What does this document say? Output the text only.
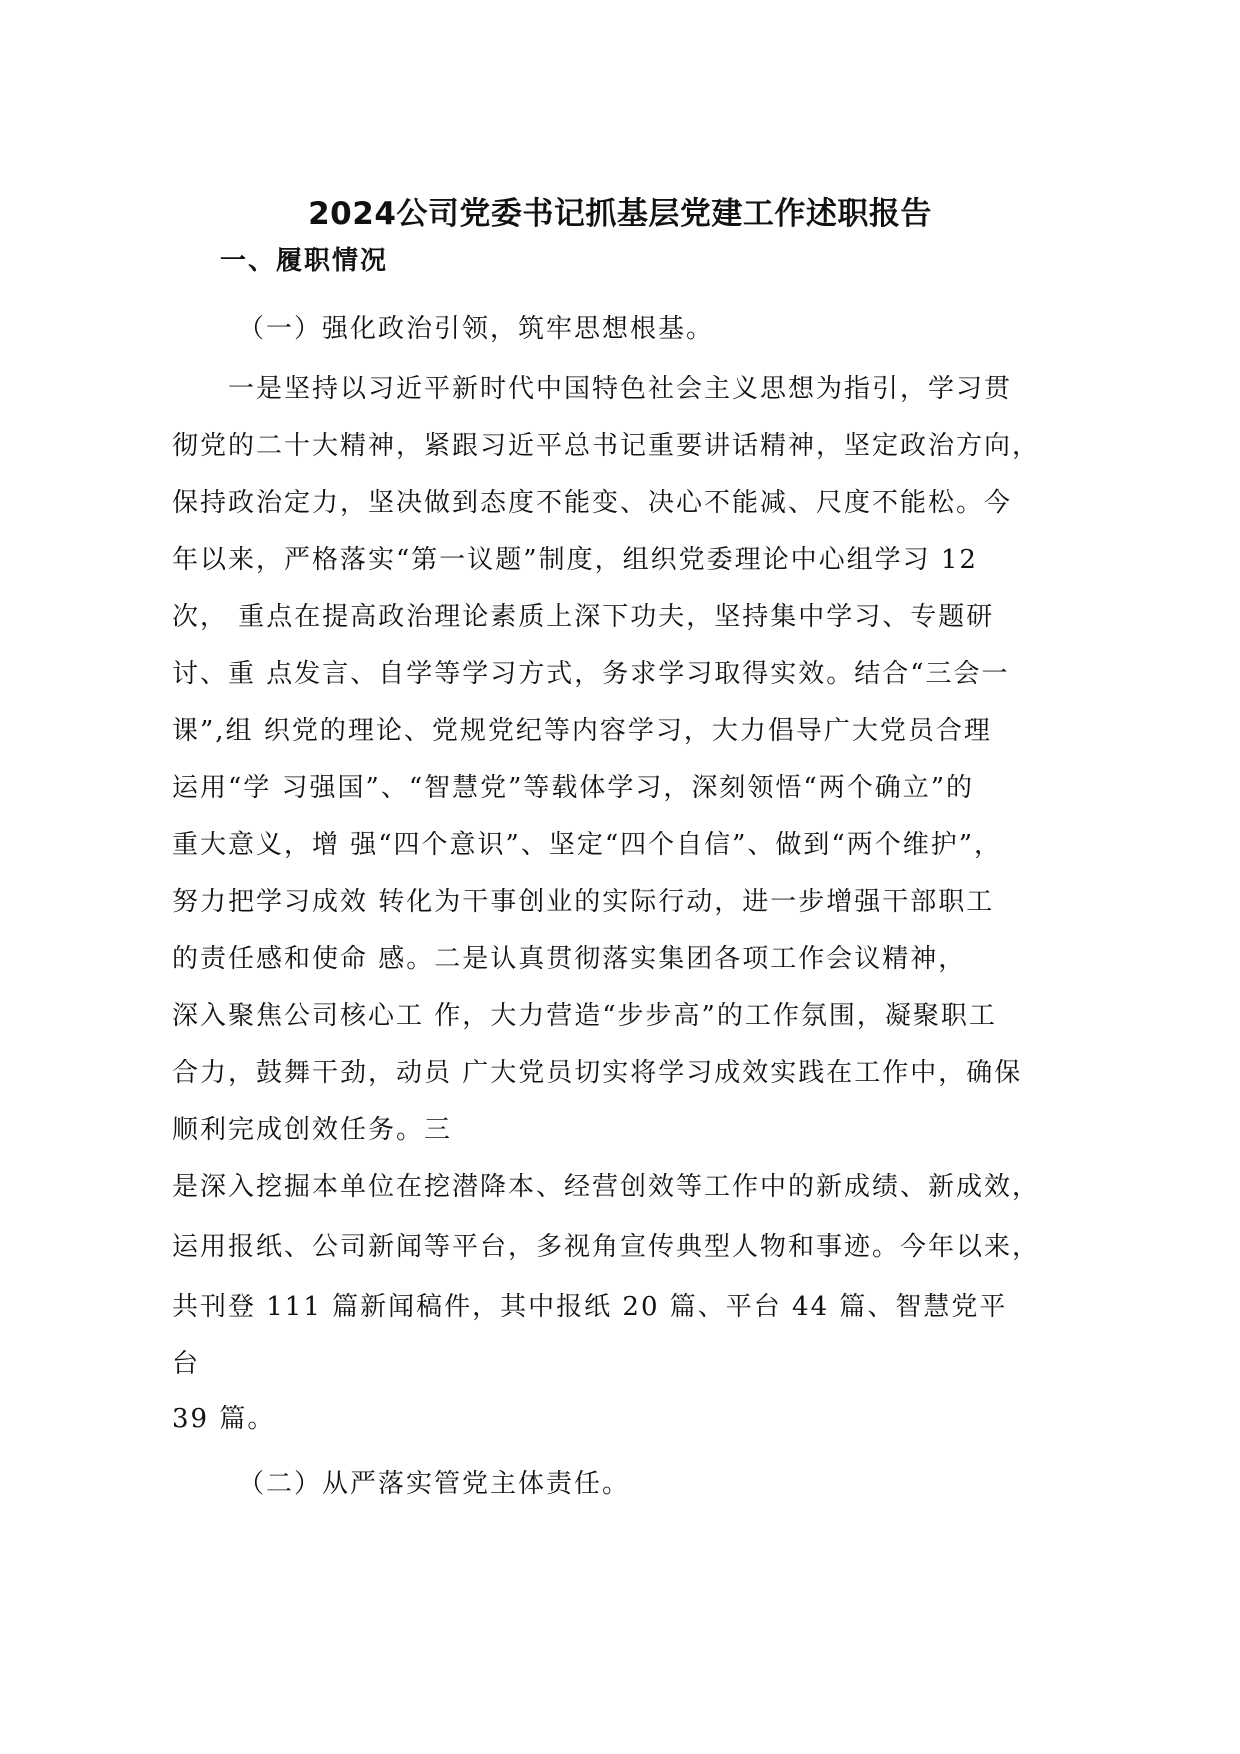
2024公司党委书记抓基层党建工作述职报告
一、履职情况

（一）强化政治引领，筑牢思想根基。

一是坚持以习近平新时代中国特色社会主义思想为指引，学习贯

彻党的二十大精神，紧跟习近平总书记重要讲话精神，坚定政治方向，

保持政治定力，坚决做到态度不能变、决心不能减、尺度不能松。今

年以来，严格落实“第一议题”制度，组织党委理论中心组学习 12

次， 重点在提高政治理论素质上深下功夫，坚持集中学习、专题研

讨、重 点发言、自学等学习方式，务求学习取得实效。结合“三会一

课”,组 织党的理论、党规党纪等内容学习，大力倡导广大党员合理

运用“学 习强国”、“智慧党”等载体学习，深刻领悟“两个确立”的

重大意义，增 强“四个意识”、坚定“四个自信”、做到“两个维护”，

努力把学习成效 转化为干事创业的实际行动，进一步增强干部职工

的责任感和使命 感。二是认真贯彻落实集团各项工作会议精神，

深入聚焦公司核心工 作，大力营造“步步高”的工作氛围，凝聚职工

合力，鼓舞干劲，动员 广大党员切实将学习成效实践在工作中，确保

顺利完成创效任务。三

是深入挖掘本单位在挖潜降本、经营创效等工作中的新成绩、新成效，

运用报纸、公司新闻等平台，多视角宣传典型人物和事迹。今年以来，

共刊登 111 篇新闻稿件，其中报纸 20 篇、平台 44 篇、智慧党平

台

39 篇。

（二）从严落实管党主体责任。
